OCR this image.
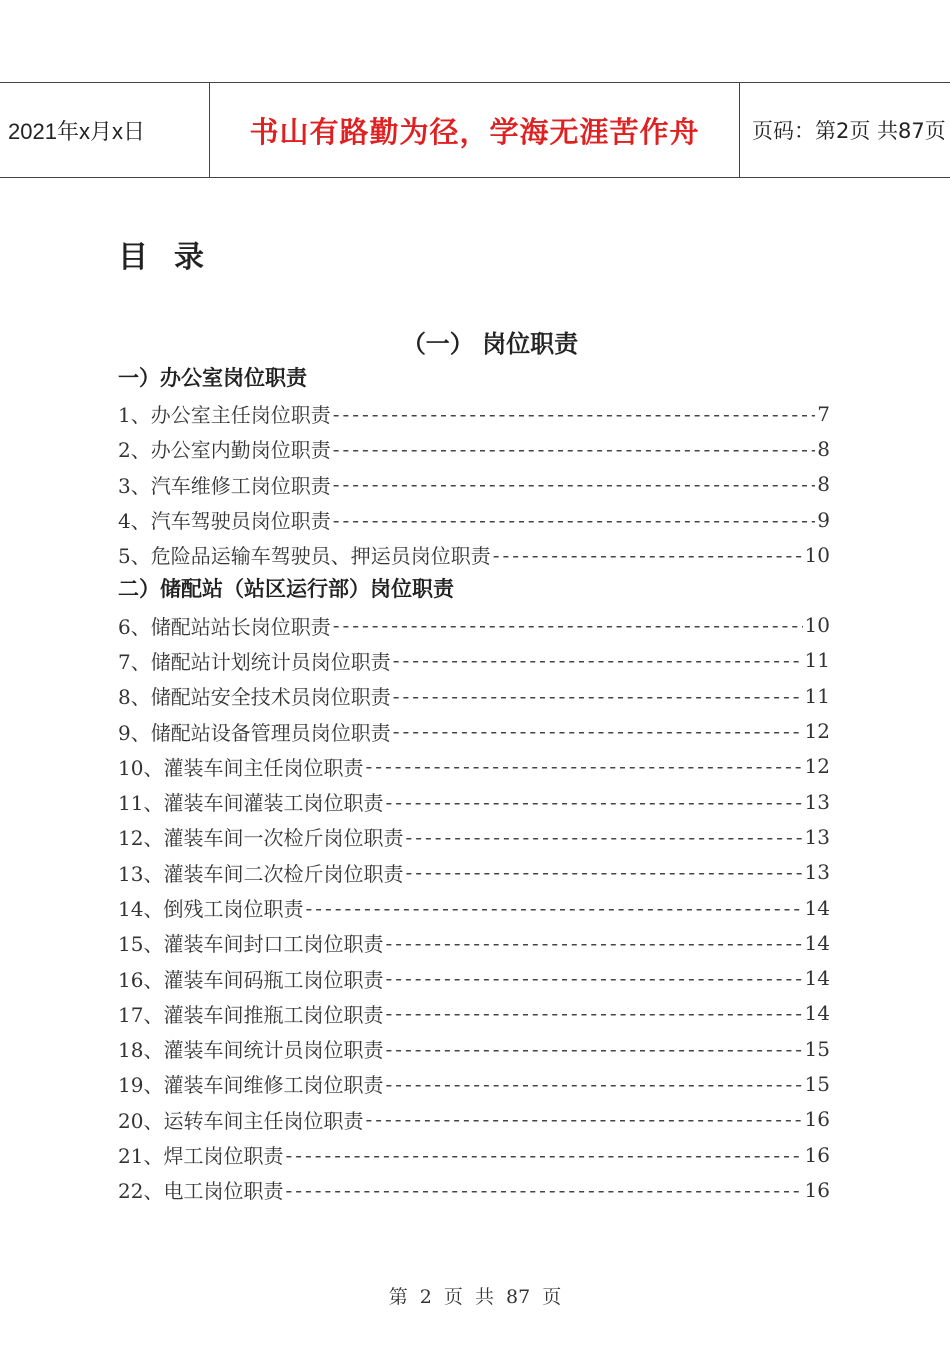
2021年x月x日	书山有路勤为径，学海无涯苦作舟	页码：第2页 共87页
目录
（一） 岗位职责
一）办公室岗位职责
1、 办公室主任岗位职责 -----	7
2、 办公室内勤岗位职责 -----	8
3、 汽车维修工岗位职责 -----	8
4、 汽车驾驶员岗位职责 -----	9
5、 危险品运输车驾驶员、押运员岗位职责 -----	10
二）储配站（站区运行部）岗位职责
6、 储配站站长岗位职责 -----	10
7、 储配站计划统计员岗位职责 -----	11
8、 储配站安全技术员岗位职责 -----	11
9、 储配站设备管理员岗位职责 -----	12
10、 灌装车间主任岗位职责 -----	12
11、 灌装车间灌装工岗位职责 -----	13
12、 灌装车间一次检斤岗位职责 -----	13
13、 灌装车间二次检斤岗位职责 -----	13
14、 倒残工岗位职责 -----	14
15、 灌装车间封口工岗位职责 -----	14
16、 灌装车间码瓶工岗位职责 -----	14
17、 灌装车间推瓶工岗位职责 -----	14
18、 灌装车间统计员岗位职责 -----	15
19、 灌装车间维修工岗位职责 -----	15
20、 运转车间主任岗位职责 -----	16
21、 焊工岗位职责 -----	16
22、 电工岗位职责 -----	16
第 2 页 共 87 页
